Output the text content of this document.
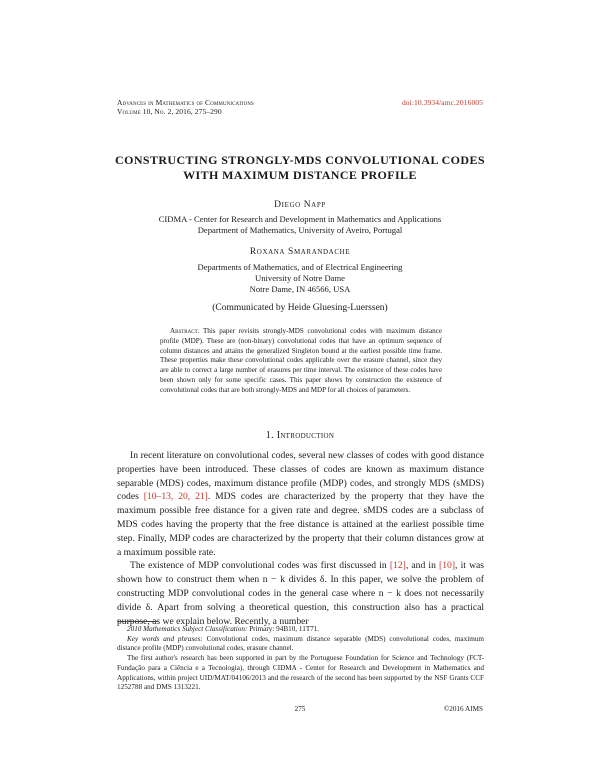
Advances in Mathematics of Communications
Volume 10, No. 2, 2016, 275–290
doi:10.3934/amc.2016005
CONSTRUCTING STRONGLY-MDS CONVOLUTIONAL CODES
WITH MAXIMUM DISTANCE PROFILE
Diego Napp
CIDMA - Center for Research and Development in Mathematics and Applications
Department of Mathematics, University of Aveiro, Portugal
Roxana Smarandache
Departments of Mathematics, and of Electrical Engineering
University of Notre Dame
Notre Dame, IN 46566, USA
(Communicated by Heide Gluesing-Luerssen)
Abstract. This paper revisits strongly-MDS convolutional codes with maximum distance profile (MDP). These are (non-binary) convolutional codes that have an optimum sequence of column distances and attains the generalized Singleton bound at the earliest possible time frame. These properties make these convolutional codes applicable over the erasure channel, since they are able to correct a large number of erasures per time interval. The existence of these codes have been shown only for some specific cases. This paper shows by construction the existence of convolutional codes that are both strongly-MDS and MDP for all choices of parameters.
1. Introduction

In recent literature on convolutional codes, several new classes of codes with good distance properties have been introduced. These classes of codes are known as maximum distance separable (MDS) codes, maximum distance profile (MDP) codes, and strongly MDS (sMDS) codes [10–13, 20, 21]. MDS codes are characterized by the property that they have the maximum possible free distance for a given rate and degree. sMDS codes are a subclass of MDS codes having the property that the free distance is attained at the earliest possible time step. Finally, MDP codes are characterized by the property that their column distances grow at a maximum possible rate.

The existence of MDP convolutional codes was first discussed in [12], and in [10], it was shown how to construct them when n − k divides δ. In this paper, we solve the problem of constructing MDP convolutional codes in the general case where n − k does not necessarily divide δ. Apart from solving a theoretical question, this construction also has a practical purpose, as we explain below. Recently, a number

2010 Mathematics Subject Classification: Primary: 94B10, 11T71.

Key words and phrases: Convolutional codes, maximum distance separable (MDS) convolutional codes, maximum distance profile (MDP) convolutional codes, erasure channel.

The first author's research has been supported in part by the Portuguese Foundation for Science and Technology (FCT-Fundação para a Ciência e a Tecnologia), through CIDMA - Center for Research and Development in Mathematics and Applications, within project UID/MAT/04106/2013 and the research of the second has been supported by the NSF Grants CCF 1252788 and DMS 1313221.

275	©2016 AIMS
